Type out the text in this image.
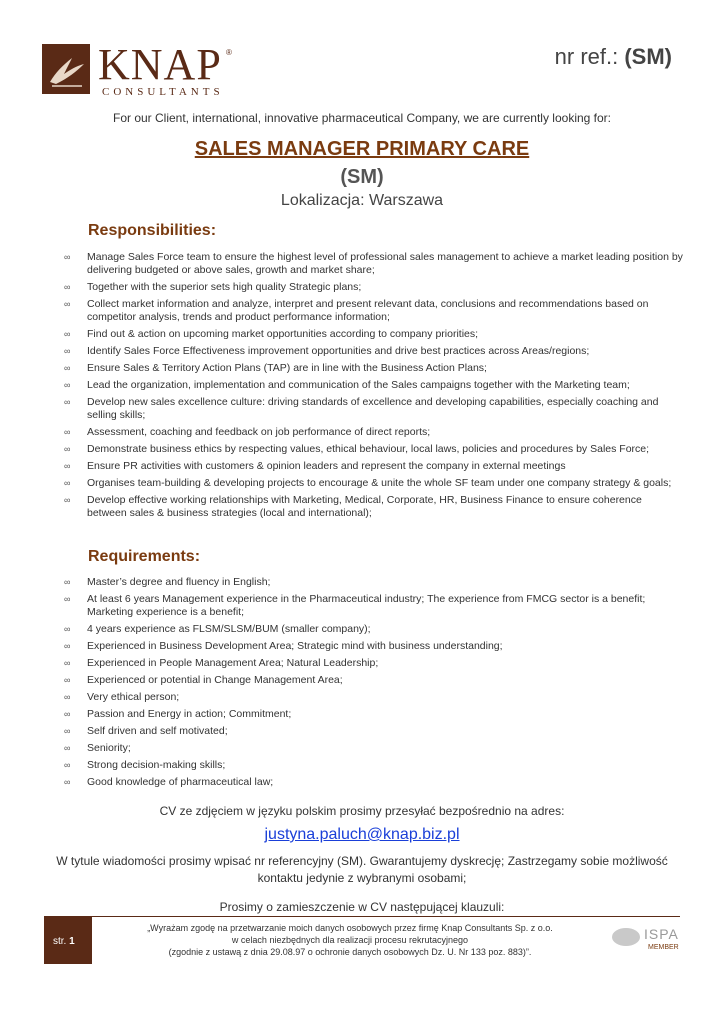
KNAP ®
CONSULTANTS
nr ref.: (SM)
For our Client, international, innovative pharmaceutical Company, we are currently looking for:
SALES MANAGER PRIMARY CARE
(SM)
Lokalizacja: Warszawa
Responsibilities:
∞ Manage Sales Force team to ensure the highest level of professional sales management to achieve a market leading position by delivering budgeted or above sales, growth and market share;
∞ Together with the superior sets high quality Strategic plans;
∞ Collect market information and analyze, interpret and present relevant data, conclusions and recommendations based on competitor analysis, trends and product performance information;
∞ Find out & action on upcoming market opportunities according to company priorities;
∞ Identify Sales Force Effectiveness improvement opportunities and drive best practices across Areas/regions;
∞ Ensure Sales & Territory Action Plans (TAP) are in line with the Business Action Plans;
∞ Lead the organization, implementation and communication of the Sales campaigns together with the Marketing team;
∞ Develop new sales excellence culture: driving standards of excellence and developing capabilities, especially coaching and selling skills;
∞ Assessment, coaching and feedback on job performance of direct reports;
∞ Demonstrate business ethics by respecting values, ethical behaviour, local laws, policies and procedures by Sales Force;
∞ Ensure PR activities with customers & opinion leaders and represent the company in external meetings
∞ Organises team-building & developing projects to encourage & unite the whole SF team under one company strategy & goals;
∞ Develop effective working relationships with Marketing, Medical, Corporate, HR, Business Finance to ensure coherence between sales & business strategies (local and international);
Requirements:
∞ Master’s degree and fluency in English;
∞ At least 6 years Management experience in the Pharmaceutical industry; The experience from FMCG sector is a benefit; Marketing experience is a benefit;
∞ 4 years experience as FLSM/SLSM/BUM (smaller company);
∞ Experienced in Business Development Area; Strategic mind with business understanding;
∞ Experienced in People Management Area; Natural Leadership;
∞ Experienced or potential in Change Management Area;
∞ Very ethical person;
∞ Passion and Energy in action; Commitment;
∞ Self driven and self motivated;
∞ Seniority;
∞ Strong decision-making skills;
∞ Good knowledge of pharmaceutical law;
CV ze zdjęciem w języku polskim prosimy przesyłać bezpośrednio na adres:
justyna.paluch@knap.biz.pl
W tytule wiadomości prosimy wpisać nr referencyjny (SM). Gwarantujemy dyskrecję; Zastrzegamy sobie możliwość kontaktu jedynie z wybranymi osobami;
Prosimy o zamieszczenie w CV następującej klauzuli:
str. 1
„Wyrażam zgodę na przetwarzanie moich danych osobowych przez firmę Knap Consultants Sp. z o.o.
w celach niezbędnych dla realizacji procesu rekrutacyjnego
(zgodnie z ustawą z dnia 29.08.97 o ochronie danych osobowych Dz. U. Nr 133 poz. 883)”.
ISPA
MEMBER
